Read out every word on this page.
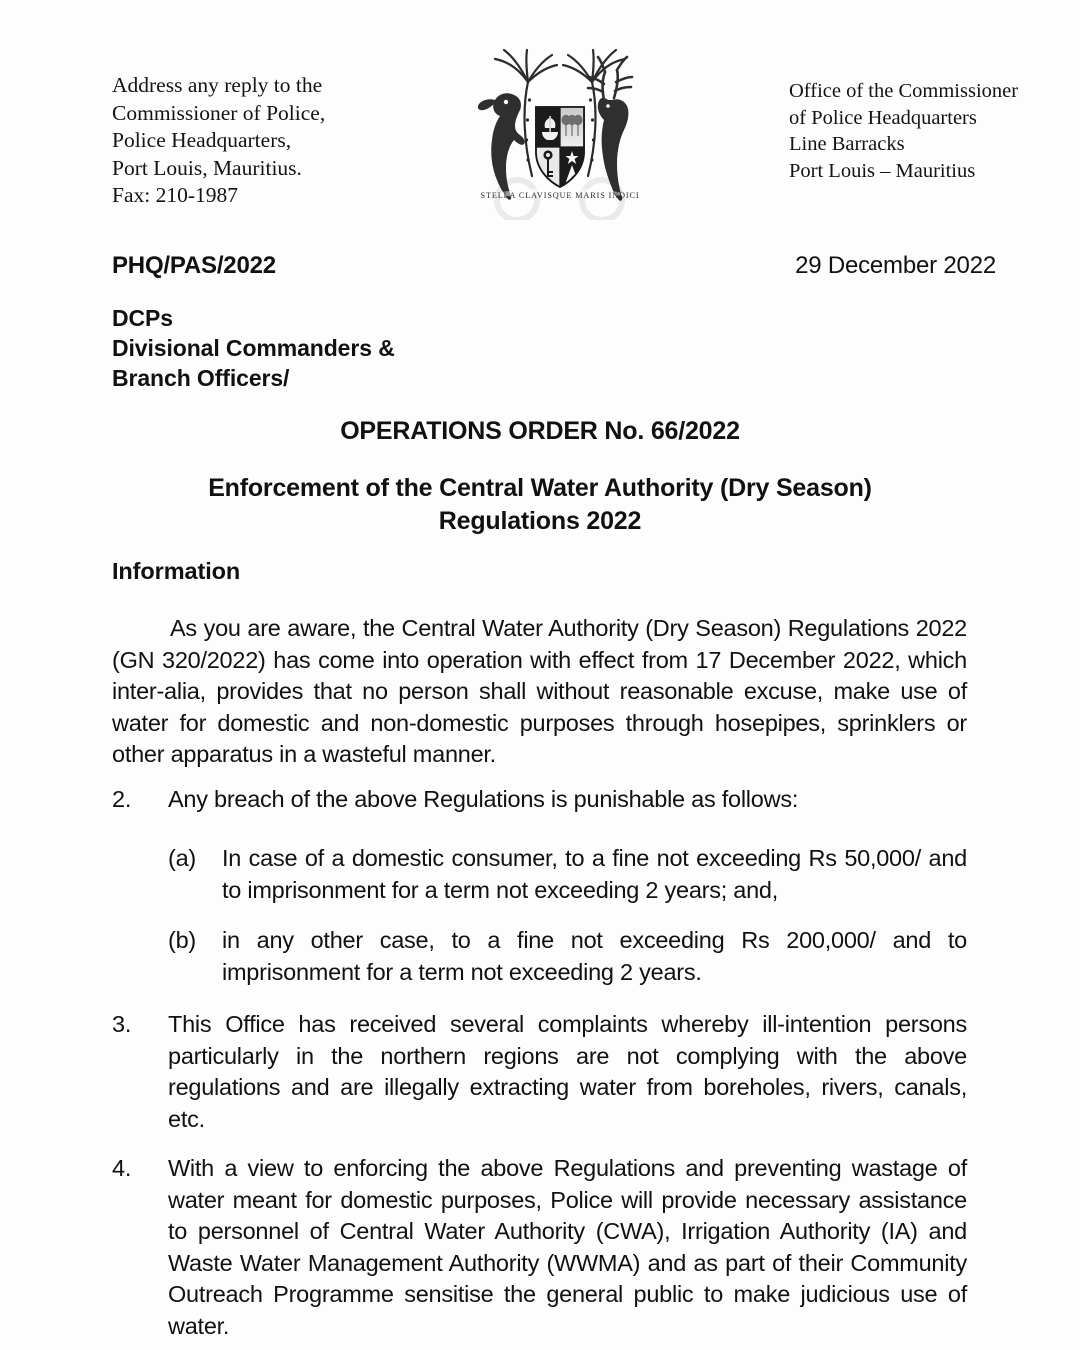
Address any reply to the
Commissioner of Police,
Police Headquarters,
Port Louis, Mauritius.
Fax: 210-1987	STELLA CLAVISQUE MARIS INDICI
Office of the Commissioner
of Police Headquarters
Line Barracks
Port Louis – Mauritius
PHQ/PAS/2022	29 December 2022
DCPs
Divisional Commanders &
Branch Officers/
OPERATIONS ORDER No. 66/2022
Enforcement of the Central Water Authority (Dry Season) Regulations 2022
Information
As you are aware, the Central Water Authority (Dry Season) Regulations 2022 (GN 320/2022) has come into operation with effect from 17 December 2022, which inter-alia, provides that no person shall without reasonable excuse, make use of water for domestic and non-domestic purposes through hosepipes, sprinklers or other apparatus in a wasteful manner.
2.	Any breach of the above Regulations is punishable as follows:
(a)	In case of a domestic consumer, to a fine not exceeding Rs 50,000/ and to imprisonment for a term not exceeding 2 years; and,
(b)	in any other case, to a fine not exceeding Rs 200,000/ and to imprisonment for a term not exceeding 2 years.
3.	This Office has received several complaints whereby ill-intention persons particularly in the northern regions are not complying with the above regulations and are illegally extracting water from boreholes, rivers, canals, etc.
4.	With a view to enforcing the above Regulations and preventing wastage of water meant for domestic purposes, Police will provide necessary assistance to personnel of Central Water Authority (CWA), Irrigation Authority (IA) and Waste Water Management Authority (WWMA) and as part of their Community Outreach Programme sensitise the general public to make judicious use of water.
